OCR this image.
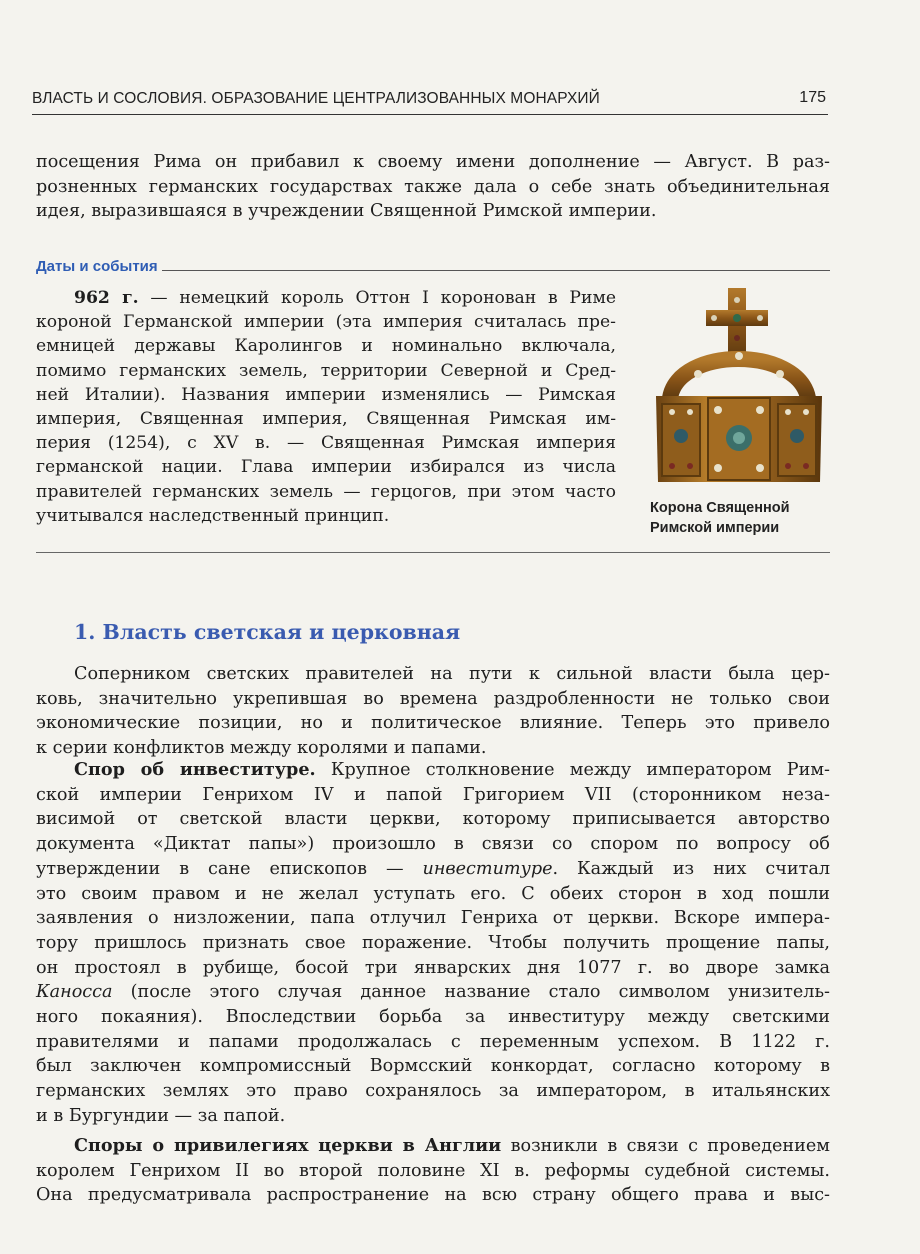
ВЛАСТЬ И СОСЛОВИЯ. ОБРАЗОВАНИЕ ЦЕНТРАЛИЗОВАННЫХ МОНАРХИЙ	175

посещения Рима он прибавил к своему имени дополнение — Август. В раз-
розненных германских государствах также дала о себе знать объединительная
идея, выразившаяся в учреждении Священной Римской империи.

Даты и события

962 г. — немецкий король Оттон I коронован в Риме
короной Германской империи (эта империя считалась пре-
емницей державы Каролингов и номинально включала,
помимо германских земель, территории Северной и Сред-
ней Италии). Названия империи изменялись — Римская
империя, Священная империя, Священная Римская им-
перия (1254), с XV в. — Священная Римская империя
германской нации. Глава империи избирался из числа
правителей германских земель — герцогов, при этом часто
учитывался наследственный принцип.	Корона Священной
Римской империи
1. Власть светская и церковная

Соперником светских правителей на пути к сильной власти была цер-
ковь, значительно укрепившая во времена раздробленности не только свои
экономические позиции, но и политическое влияние. Теперь это привело
к серии конфликтов между королями и папами.

Спор об инвеститурe. Крупное столкновение между императором Рим-
ской империи Генрихом IV и папой Григорием VII (сторонником неза-
висимой от светской власти церкви, которому приписывается авторство
документа «Диктат папы») произошло в связи со спором по вопросу об
утверждении в сане епископов — инвеституре. Каждый из них считал
это своим правом и не желал уступать его. С обеих сторон в ход пошли
заявления о низложении, папа отлучил Генриха от церкви. Вскоре импера-
тору пришлось признать свое поражение. Чтобы получить прощение папы,
он простоял в рубище, босой три январских дня 1077 г. во дворе замка
Каносса (после этого случая данное название стало символом унизитель-
ного покаяния). Впоследствии борьба за инвеституру между светскими
правителями и папами продолжалась с переменным успехом. В 1122 г.
был заключен компромиссный Вормсский конкордат, согласно которому в
германских землях это право сохранялось за императором, в итальянских
и в Бургундии — за папой.

Споры о привилегиях церкви в Англии возникли в связи с проведением
королем Генрихом II во второй половине XI в. реформы судебной системы.
Она предусматривала распространение на всю страну общего права и выс-
